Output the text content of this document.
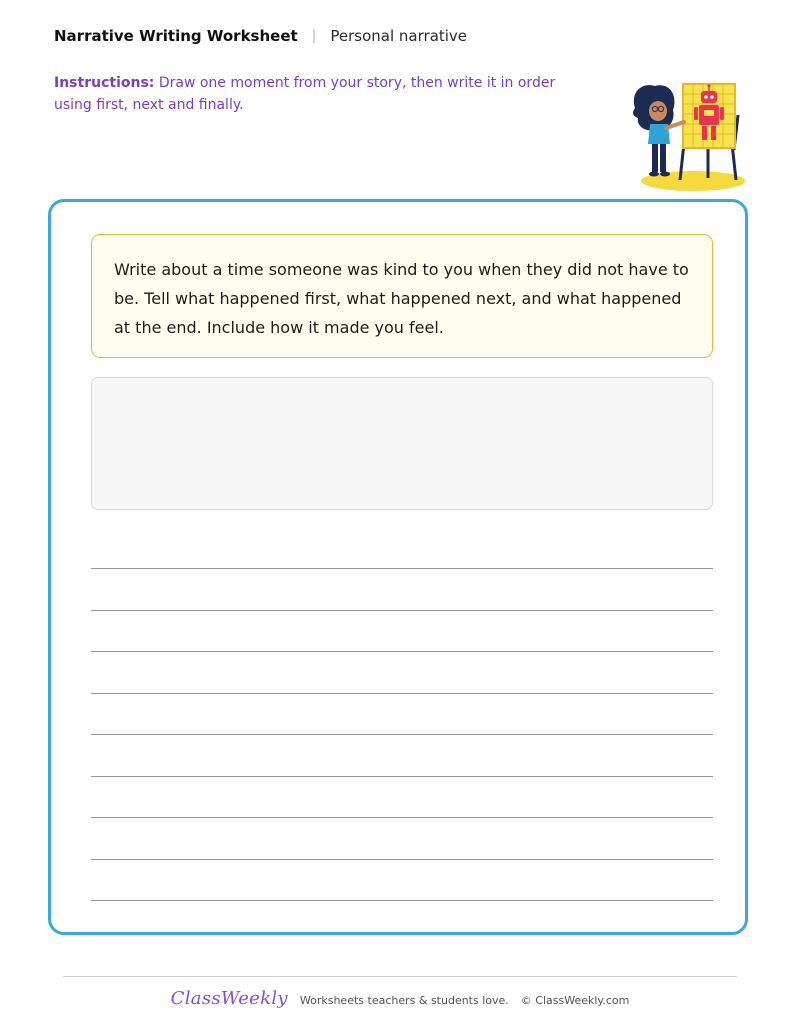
Narrative Writing Worksheet | Personal narrative
Instructions: Draw one moment from your story, then write it in order using first, next and finally.
Write about a time someone was kind to you when they did not have to be. Tell what happened first, what happened next, and what happened at the end. Include how it made you feel.
ClassWeekly Worksheets teachers & students love. © ClassWeekly.com
